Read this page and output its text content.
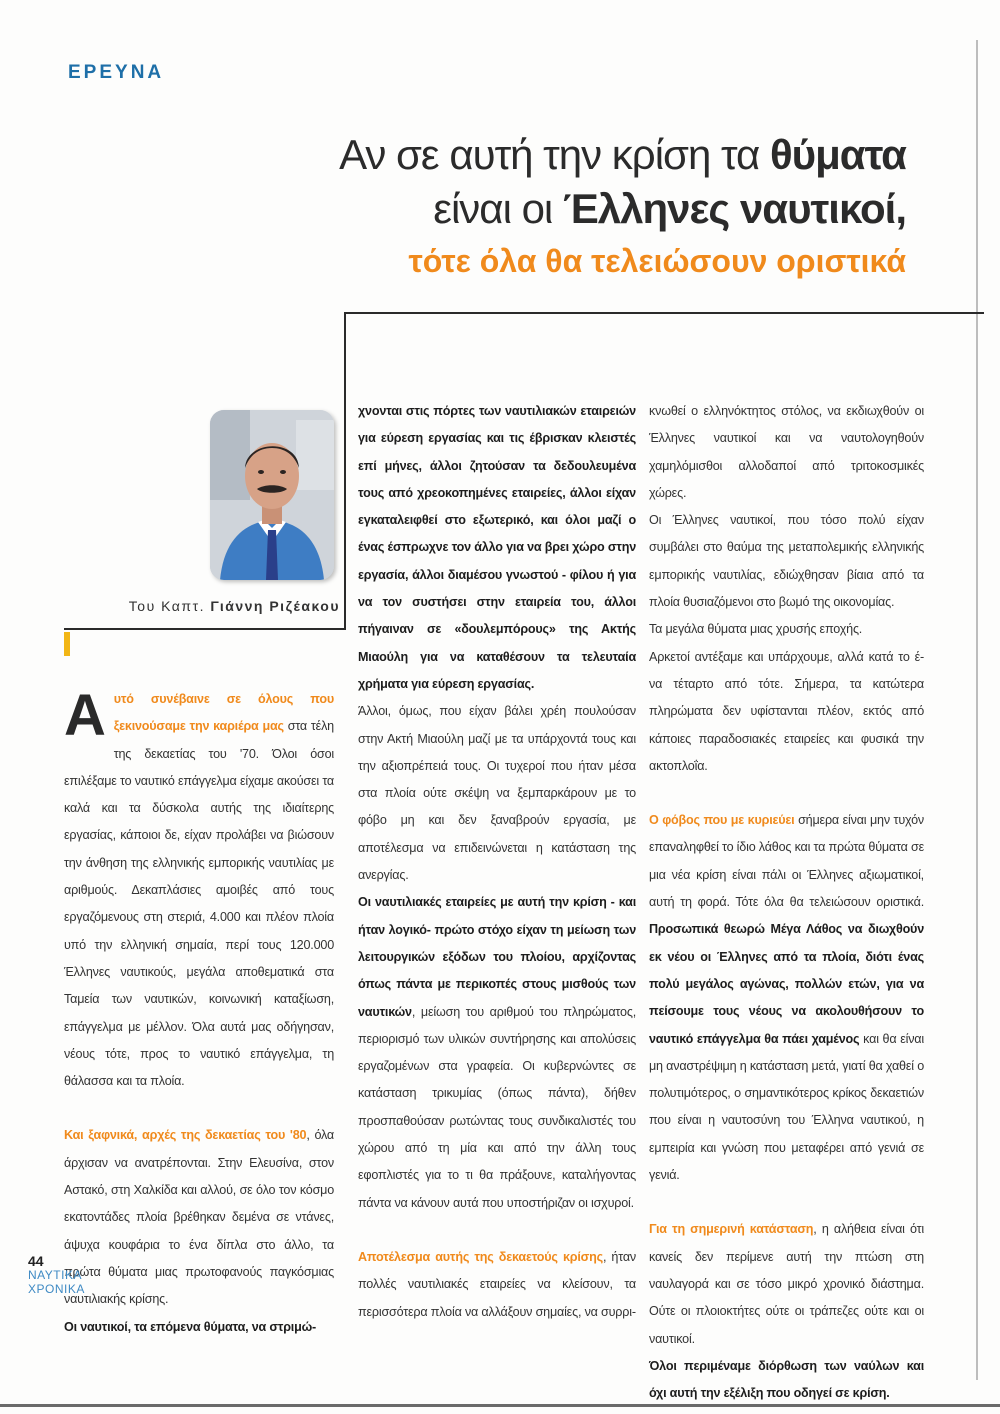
ΕΡΕΥΝΑ
Αν σε αυτή την κρίση τα θύματα
είναι οι Έλληνες ναυτικοί,
τότε όλα θα τελειώσουν οριστικά
Του Καπτ. Γιάννη Ριζέακου

Αυτό συνέβαινε σε όλους που ξεκινούσαμε την καριέρα μας στα τέλη της δεκαετίας του '70. Όλοι όσοι επιλέξαμε το ναυτικό επάγγελμα είχαμε ακούσει τα καλά και τα δύσκολα αυτής της ιδιαίτερης εργασίας, κάποιοι δε, είχαν προλάβει να βιώσουν την άνθηση της ελληνικής εμπορικής ναυτιλίας με αριθμούς. Δεκαπλάσιες αμοιβές από τους εργαζόμενους στη στεριά, 4.000 και πλέον πλοία υπό την ελληνική σημαία, περί τους 120.000 Έλληνες ναυτικούς, μεγάλα αποθεματικά στα Ταμεία των ναυτικών, κοινωνική καταξίωση, επάγγελμα με μέλλον. Όλα αυτά μας οδήγησαν, νέους τότε, προς το ναυτικό επάγγελμα, τη θάλασσα και τα πλοία.

Και ξαφνικά, αρχές της δεκαετίας του '80, όλα άρχισαν να ανατρέπονται. Στην Ελευσίνα, στον Αστακό, στη Χαλκίδα και αλλού, σε όλο τον κόσμο εκατοντάδες πλοία βρέθηκαν δεμένα σε ντάνες, άψυχα κουφάρια το ένα δίπλα στο άλλο, τα πρώτα θύματα μιας πρωτοφανούς παγκόσμιας ναυτιλιακής κρίσης.

Οι ναυτικοί, τα επόμενα θύματα, να στριμώ-

χνονται στις πόρτες των ναυτιλιακών εταιρειών για εύρεση εργασίας και τις έβρισκαν κλειστές επί μήνες, άλλοι ζητούσαν τα δεδουλευμένα τους από χρεοκοπημένες εταιρείες, άλλοι είχαν εγκαταλειφθεί στο εξωτερικό, και όλοι μαζί ο ένας έσπρωχνε τον άλλο για να βρει χώρο στην εργασία, άλλοι διαμέσου γνωστού - φίλου ή για να τον συστήσει στην εταιρεία του, άλλοι πήγαιναν σε «δουλεμπόρους» της Ακτής Μιαούλη για να καταθέσουν τα τελευταία χρήματα για εύρεση εργασίας.

Άλλοι, όμως, που είχαν βάλει χρέη πουλούσαν στην Ακτή Μιαούλη μαζί με τα υπάρχοντά τους και την αξιοπρέπειά τους. Οι τυχεροί που ήταν μέσα στα πλοία ούτε σκέψη να ξεμπαρκάρουν με το φόβο μη και δεν ξαναβρούν εργασία, με αποτέλεσμα να επιδεινώνεται η κατάσταση της ανεργίας.

Οι ναυτιλιακές εταιρείες με αυτή την κρίση - και ήταν λογικό- πρώτο στόχο είχαν τη μείωση των λειτουργικών εξόδων του πλοίου, αρχίζοντας όπως πάντα με περικοπές στους μισθούς των ναυτικών, μείωση του αριθμού του πληρώματος, περιορισμό των υλικών συντήρησης και απολύσεις εργαζομένων στα γραφεία. Οι κυβερνώντες σε κατάσταση τρικυμίας (όπως πάντα), δήθεν προσπαθούσαν ρωτώντας τους συνδικαλιστές του χώρου από τη μία και από την άλλη τους εφοπλιστές για το τι θα πράξουνε, καταλήγοντας πάντα να κάνουν αυτά που υποστήριζαν οι ισχυροί.

Αποτέλεσμα αυτής της δεκαετούς κρίσης, ήταν πολλές ναυτιλιακές εταιρείες να κλείσουν, τα περισσότερα πλοία να αλλάξουν σημαίες, να συρρι-

κνωθεί ο ελληνόκτητος στόλος, να εκδιωχθούν οι Έλληνες ναυτικοί και να ναυτολογηθούν χαμηλόμισθοι αλλοδαποί από τριτοκοσμικές χώρες.

Οι Έλληνες ναυτικοί, που τόσο πολύ είχαν συμβάλει στο θαύμα της μεταπολεμικής ελληνικής εμπορικής ναυτιλίας, εδιώχθησαν βίαια από τα πλοία θυσιαζόμενοι στο βωμό της οικονομίας.

Τα μεγάλα θύματα μιας χρυσής εποχής.

Αρκετοί αντέξαμε και υπάρχουμε, αλλά κατά το έ- να τέταρτο από τότε. Σήμερα, τα κατώτερα πληρώματα δεν υφίστανται πλέον, εκτός από κάποιες παραδοσιακές εταιρείες και φυσικά την ακτοπλοΐα.

Ο φόβος που με κυριεύει σήμερα είναι μην τυχόν επαναληφθεί το ίδιο λάθος και τα πρώτα θύματα σε μια νέα κρίση είναι πάλι οι Έλληνες αξιωματικοί, αυτή τη φορά. Τότε όλα θα τελειώσουν οριστικά. Προσωπικά θεωρώ Μέγα Λάθος να διωχθούν εκ νέου οι Έλληνες από τα πλοία, διότι ένας πολύ μεγάλος αγώνας, πολλών ετών, για να πείσουμε τους νέους να ακολουθήσουν το ναυτικό επάγγελμα θα πάει χαμένος και θα είναι μη αναστρέψιμη η κατάσταση μετά, γιατί θα χαθεί ο πολυτιμότερος, ο σημαντικότερος κρίκος δεκαετιών που είναι η ναυτοσύνη του Έλληνα ναυτικού, η εμπειρία και γνώση που μεταφέρει από γενιά σε γενιά.

Για τη σημερινή κατάσταση, η αλήθεια είναι ότι κανείς δεν περίμενε αυτή την πτώση στη ναυλαγορά και σε τόσο μικρό χρονικό διάστημα. Ούτε οι πλοιοκτήτες ούτε οι τράπεζες ούτε και οι ναυτικοί.

Όλοι περιμέναμε διόρθωση των ναύλων και όχι αυτή την εξέλιξη που οδηγεί σε κρίση.

44
ΝΑΥΤΙΚΑ
ΧΡΟΝΙΚΑ
